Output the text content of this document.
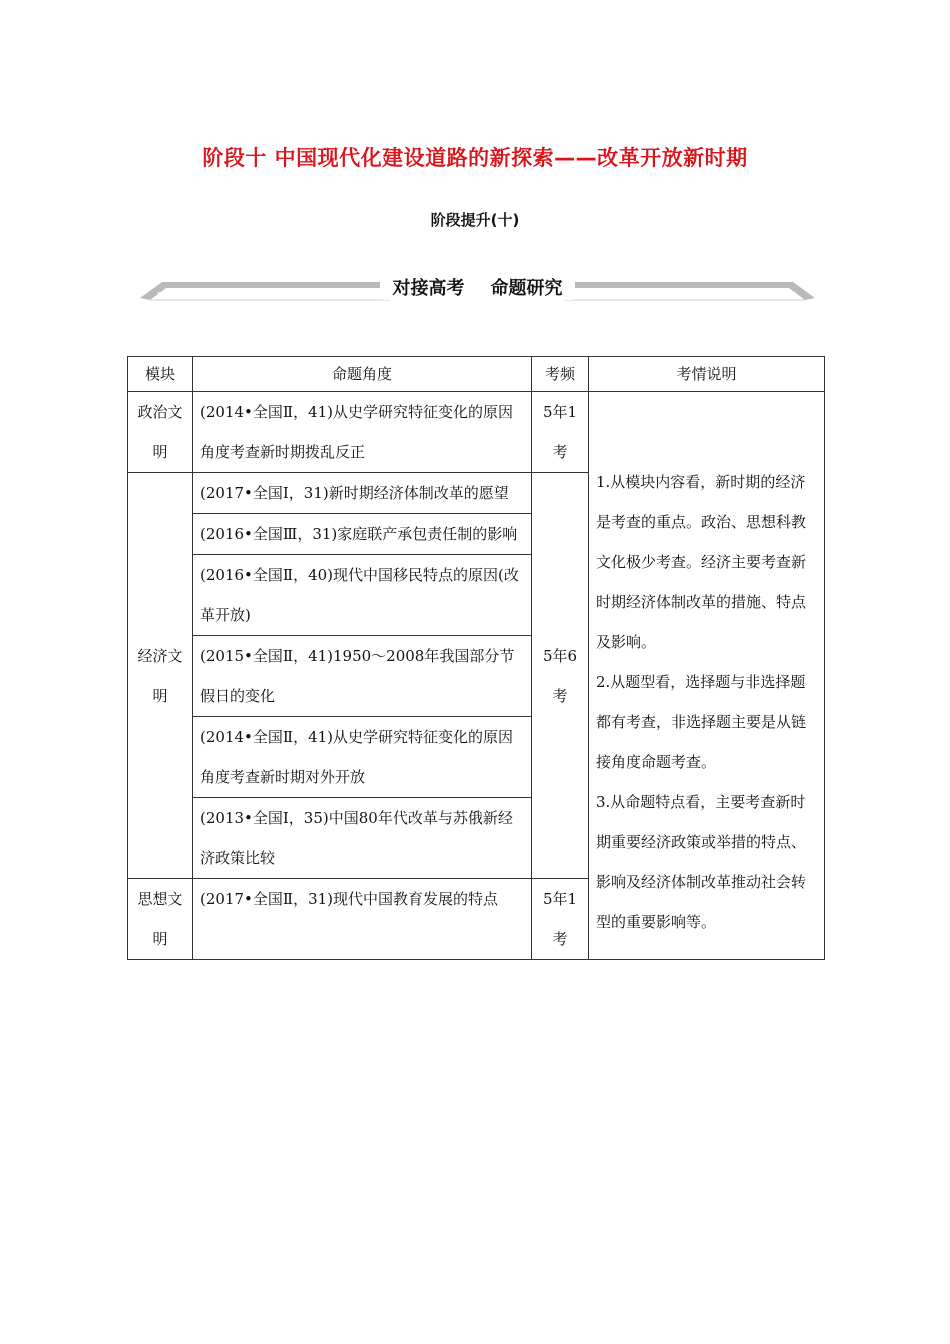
阶段十 中国现代化建设道路的新探索——改革开放新时期
阶段提升(十)
»	«
对接高考 命题研究
模块	命题角度	考频	考情说明
政治文明	(2014•全国Ⅱ，41)从史学研究特征变化的原因角度考查新时期拨乱反正	5年1考	1.从模块内容看，新时期的经济是考查的重点。政治、思想科教文化极少考查。经济主要考查新时期经济体制改革的措施、特点及影响。

2.从题型看，选择题与非选择题都有考查，非选择题主要是从链接角度命题考查。

3.从命题特点看，主要考查新时期重要经济政策或举措的特点、影响及经济体制改革推动社会转型的重要影响等。

经济文明	(2017•全国Ⅰ，31)新时期经济体制改革的愿望	5年6考	
	(2016•全国Ⅲ，31)家庭联产承包责任制的影响		
	(2016•全国Ⅱ，40)现代中国移民特点的原因(改革开放)		
	(2015•全国Ⅱ，41)1950～2008年我国部分节假日的变化		
	(2014•全国Ⅱ，41)从史学研究特征变化的原因角度考查新时期对外开放		
	(2013•全国Ⅰ，35)中国80年代改革与苏俄新经济政策比较		
思想文明	(2017•全国Ⅱ，31)现代中国教育发展的特点	5年1考	
